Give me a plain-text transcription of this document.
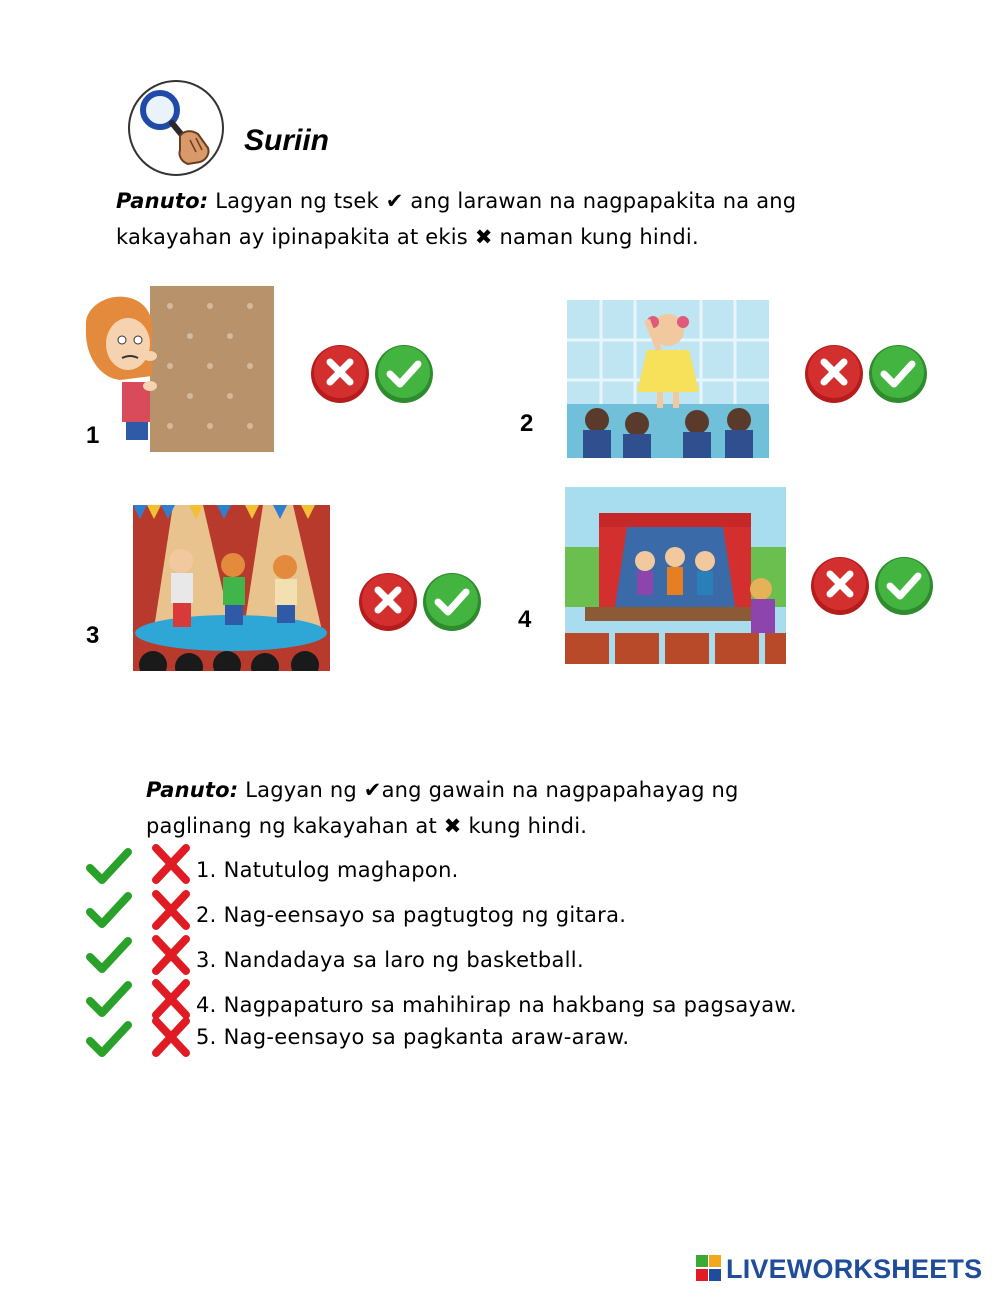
Suriin
Panuto: Lagyan ng tsek ✔ ang larawan na nagpapakita na ang kakayahan ay ipinapakita at ekis ✖ naman kung hindi.
1	2
3
4
Panuto: Lagyan ng ✔ang gawain na nagpapahayag ng paglinang ng kakayahan at ✖ kung hindi.
1. Natutulog maghapon.
2. Nag-eensayo sa pagtugtog ng gitara.
3. Nandadaya sa laro ng basketball.
4. Nagpapaturo sa mahihirap na hakbang sa pagsayaw.
5. Nag-eensayo sa pagkanta araw-araw.
LIVEWORKSHEETS
